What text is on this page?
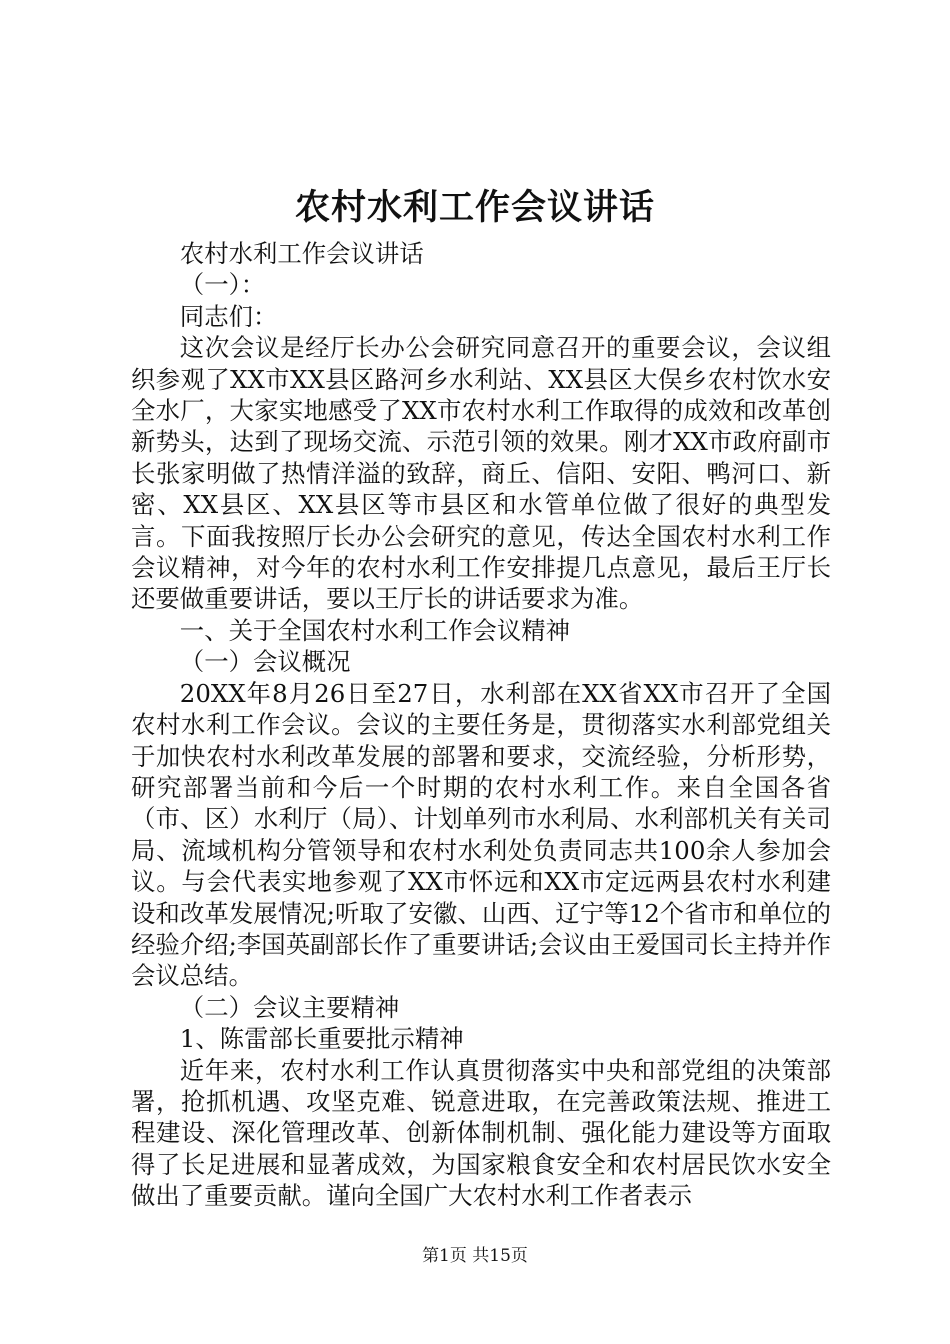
农村水利工作会议讲话

农村水利工作会议讲话

（一）：

同志们：

这次会议是经厅长办公会研究同意召开的重要会议，会议组织参观了XX市XX县区路河乡水利站、XX县区大俣乡农村饮水安全水厂，大家实地感受了XX市农村水利工作取得的成效和改革创新势头，达到了现场交流、示范引领的效果。刚才XX市政府副市长张家明做了热情洋溢的致辞，商丘、信阳、安阳、鸭河口、新密、XX县区、XX县区等市县区和水管单位做了很好的典型发言。下面我按照厅长办公会研究的意见，传达全国农村水利工作会议精神，对今年的农村水利工作安排提几点意见，最后王厅长还要做重要讲话，要以王厅长的讲话要求为准。

一、关于全国农村水利工作会议精神

（一）会议概况

20XX年8月26日至27日，水利部在XX省XX市召开了全国农村水利工作会议。会议的主要任务是，贯彻落实水利部党组关于加快农村水利改革发展的部署和要求，交流经验，分析形势，研究部署当前和今后一个时期的农村水利工作。来自全国各省（市、区）水利厅（局）、计划单列市水利局、水利部机关有关司局、流域机构分管领导和农村水利处负责同志共100余人参加会议。与会代表实地参观了XX市怀远和XX市定远两县农村水利建设和改革发展情况;听取了安徽、山西、辽宁等12个省市和单位的经验介绍;李国英副部长作了重要讲话;会议由王爱国司长主持并作会议总结。

（二）会议主要精神

1、陈雷部长重要批示精神

近年来，农村水利工作认真贯彻落实中央和部党组的决策部署，抢抓机遇、攻坚克难、锐意进取，在完善政策法规、推进工程建设、深化管理改革、创新体制机制、强化能力建设等方面取得了长足进展和显著成效，为国家粮食安全和农村居民饮水安全做出了重要贡献。谨向全国广大农村水利工作者表示

第1页 共15页
